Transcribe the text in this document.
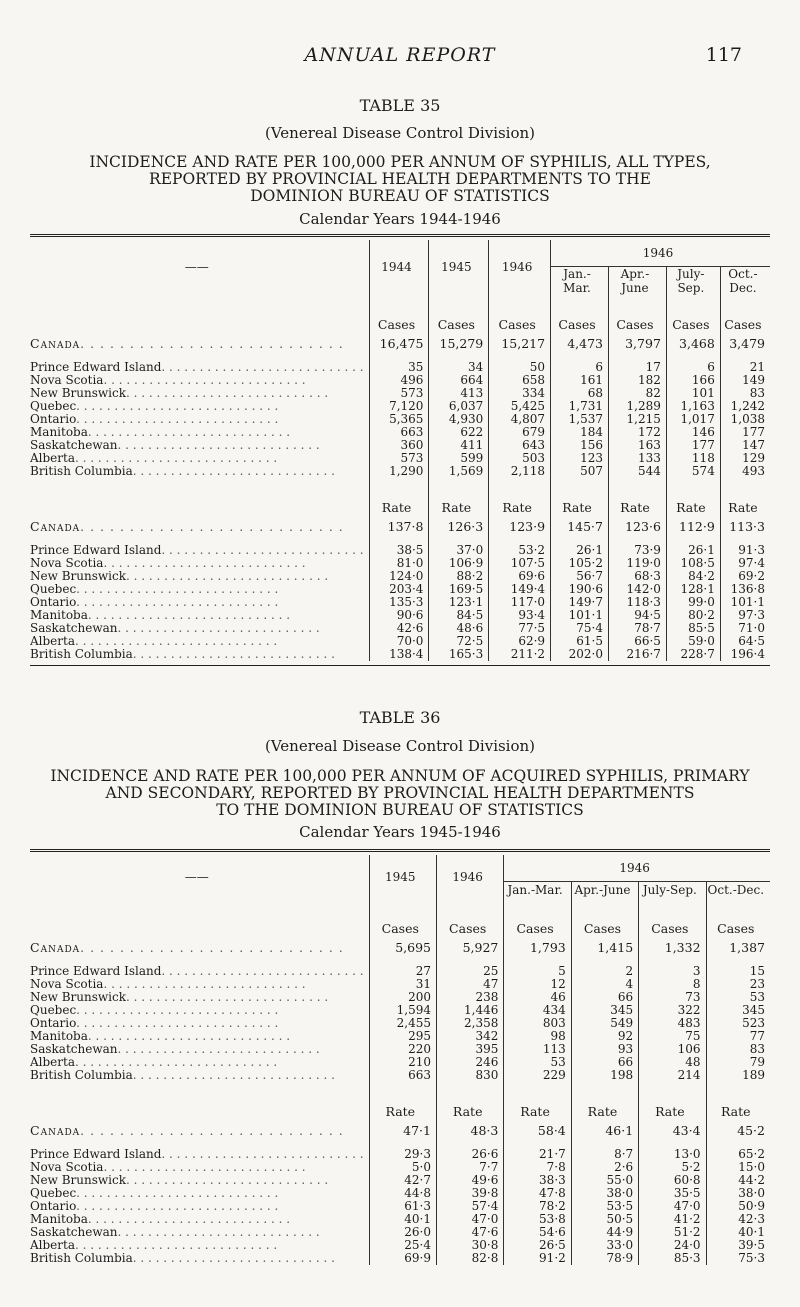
ANNUAL REPORT	117
TABLE 35
(Venereal Disease Control Division)
INCIDENCE AND RATE PER 100,000 PER ANNUM OF SYPHILIS, ALL TYPES,
REPORTED BY PROVINCIAL HEALTH DEPARTMENTS TO THE
DOMINION BUREAU OF STATISTICS
Calendar Years 1944-1946
——	1944	1945	1946	1946			
				Jan.-Mar.	Apr.-June	July-Sep.	Oct.-Dec.
	Cases	Cases	Cases	Cases	Cases	Cases	Cases
Canada. . . . . . . . . . . . . . . . . . . . . . . . . . .	16,475	15,279	15,217	4,473	3,797	3,468	3,479
Prince Edward Island. . . . . . . . . . . . . . . . . . . . . . . . . . .	35	34	50	6	17	6	21
Nova Scotia. . . . . . . . . . . . . . . . . . . . . . . . . . .	496	664	658	161	182	166	149
New Brunswick. . . . . . . . . . . . . . . . . . . . . . . . . . .	573	413	334	68	82	101	83
Quebec. . . . . . . . . . . . . . . . . . . . . . . . . . .	7,120	6,037	5,425	1,731	1,289	1,163	1,242
Ontario. . . . . . . . . . . . . . . . . . . . . . . . . . .	5,365	4,930	4,807	1,537	1,215	1,017	1,038
Manitoba. . . . . . . . . . . . . . . . . . . . . . . . . . .	663	622	679	184	172	146	177
Saskatchewan. . . . . . . . . . . . . . . . . . . . . . . . . . .	360	411	643	156	163	177	147
Alberta. . . . . . . . . . . . . . . . . . . . . . . . . . .	573	599	503	123	133	118	129
British Columbia. . . . . . . . . . . . . . . . . . . . . . . . . . .	1,290	1,569	2,118	507	544	574	493
	Rate	Rate	Rate	Rate	Rate	Rate	Rate
Canada. . . . . . . . . . . . . . . . . . . . . . . . . . .	137·8	126·3	123·9	145·7	123·6	112·9	113·3
Prince Edward Island. . . . . . . . . . . . . . . . . . . . . . . . . . .	38·5	37·0	53·2	26·1	73·9	26·1	91·3
Nova Scotia. . . . . . . . . . . . . . . . . . . . . . . . . . .	81·0	106·9	107·5	105·2	119·0	108·5	97·4
New Brunswick. . . . . . . . . . . . . . . . . . . . . . . . . . .	124·0	88·2	69·6	56·7	68·3	84·2	69·2
Quebec. . . . . . . . . . . . . . . . . . . . . . . . . . .	203·4	169·5	149·4	190·6	142·0	128·1	136·8
Ontario. . . . . . . . . . . . . . . . . . . . . . . . . . .	135·3	123·1	117·0	149·7	118·3	99·0	101·1
Manitoba. . . . . . . . . . . . . . . . . . . . . . . . . . .	90·6	84·5	93·4	101·1	94·5	80·2	97·3
Saskatchewan. . . . . . . . . . . . . . . . . . . . . . . . . . .	42·6	48·6	77·5	75·4	78·7	85·5	71·0
Alberta. . . . . . . . . . . . . . . . . . . . . . . . . . .	70·0	72·5	62·9	61·5	66·5	59·0	64·5
British Columbia. . . . . . . . . . . . . . . . . . . . . . . . . . .	138·4	165·3	211·2	202·0	216·7	228·7	196·4
TABLE 36
(Venereal Disease Control Division)
INCIDENCE AND RATE PER 100,000 PER ANNUM OF ACQUIRED SYPHILIS, PRIMARY
AND SECONDARY, REPORTED BY PROVINCIAL HEALTH DEPARTMENTS
TO THE DOMINION BUREAU OF STATISTICS
Calendar Years 1945-1946
——	1945	1946	1946			
			Jan.-Mar.	Apr.-June	July-Sep.	Oct.-Dec.
	Cases	Cases	Cases	Cases	Cases	Cases
Canada. . . . . . . . . . . . . . . . . . . . . . . . . . .	5,695	5,927	1,793	1,415	1,332	1,387
Prince Edward Island. . . . . . . . . . . . . . . . . . . . . . . . . . .	27	25	5	2	3	15
Nova Scotia. . . . . . . . . . . . . . . . . . . . . . . . . . .	31	47	12	4	8	23
New Brunswick. . . . . . . . . . . . . . . . . . . . . . . . . . .	200	238	46	66	73	53
Quebec. . . . . . . . . . . . . . . . . . . . . . . . . . .	1,594	1,446	434	345	322	345
Ontario. . . . . . . . . . . . . . . . . . . . . . . . . . .	2,455	2,358	803	549	483	523
Manitoba. . . . . . . . . . . . . . . . . . . . . . . . . . .	295	342	98	92	75	77
Saskatchewan. . . . . . . . . . . . . . . . . . . . . . . . . . .	220	395	113	93	106	83
Alberta. . . . . . . . . . . . . . . . . . . . . . . . . . .	210	246	53	66	48	79
British Columbia. . . . . . . . . . . . . . . . . . . . . . . . . . .	663	830	229	198	214	189
	Rate	Rate	Rate	Rate	Rate	Rate
Canada. . . . . . . . . . . . . . . . . . . . . . . . . . .	47·1	48·3	58·4	46·1	43·4	45·2
Prince Edward Island. . . . . . . . . . . . . . . . . . . . . . . . . . .	29·3	26·6	21·7	8·7	13·0	65·2
Nova Scotia. . . . . . . . . . . . . . . . . . . . . . . . . . .	5·0	7·7	7·8	2·6	5·2	15·0
New Brunswick. . . . . . . . . . . . . . . . . . . . . . . . . . .	42·7	49·6	38·3	55·0	60·8	44·2
Quebec. . . . . . . . . . . . . . . . . . . . . . . . . . .	44·8	39·8	47·8	38·0	35·5	38·0
Ontario. . . . . . . . . . . . . . . . . . . . . . . . . . .	61·3	57·4	78·2	53·5	47·0	50·9
Manitoba. . . . . . . . . . . . . . . . . . . . . . . . . . .	40·1	47·0	53·8	50·5	41·2	42·3
Saskatchewan. . . . . . . . . . . . . . . . . . . . . . . . . . .	26·0	47·6	54·6	44·9	51·2	40·1
Alberta. . . . . . . . . . . . . . . . . . . . . . . . . . .	25·4	30·8	26·5	33·0	24·0	39·5
British Columbia. . . . . . . . . . . . . . . . . . . . . . . . . . .	69·9	82·8	91·2	78·9	85·3	75·3
